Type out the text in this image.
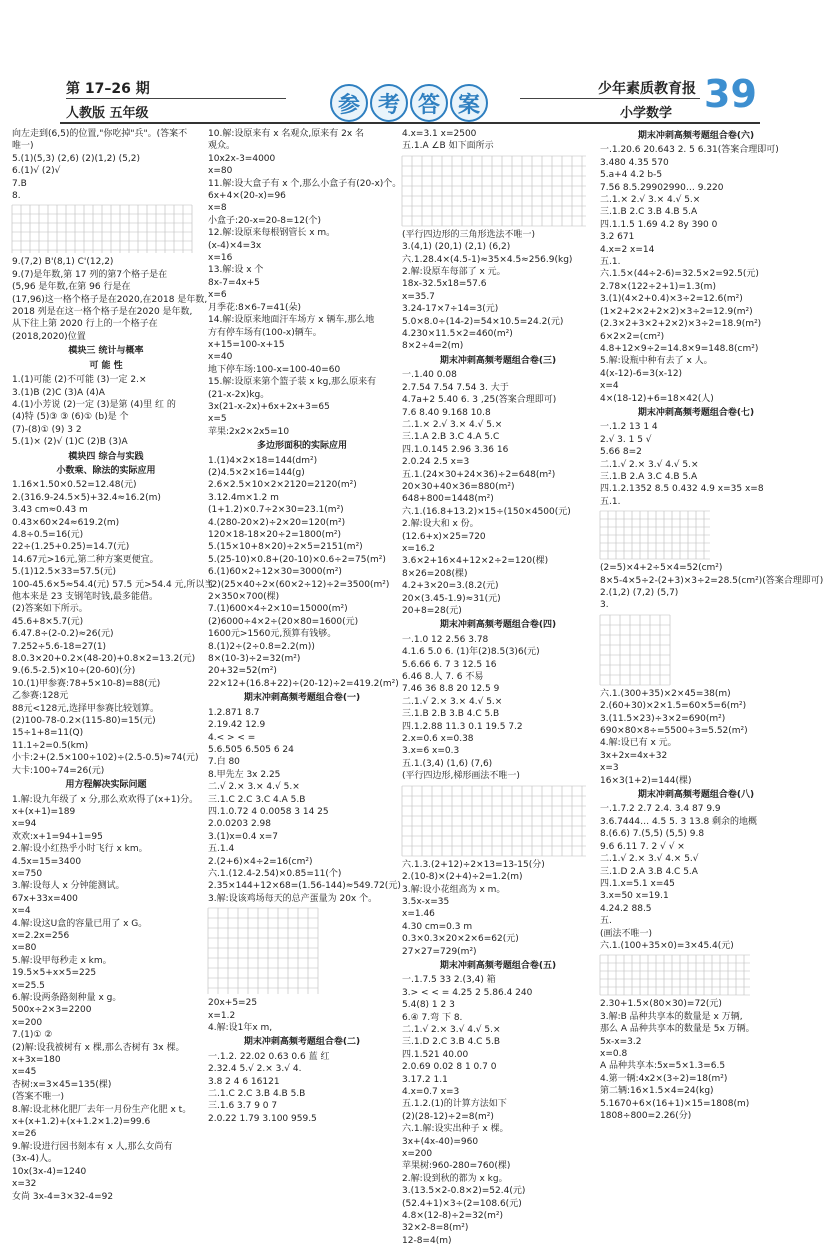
第 17–26 期
人教版 五年级	参 考 答 案
少年素质教育报
小学数学 39

向左走到(6,5)的位置,"你吃掉"兵"。(答案不

唯一)

5.(1)(5,3) (2,6) (2)(1,2) (5,2)

6.(1)√ (2)√

7.B

8.

9.(7,2) B'(8,1) C'(12,2)

9.(7)是年数,第 17 列的第7个格子是在

(5,96 是年数,在第 96 行是在

(17,96)这一格个格子是在2020,在2018 是年数,

2018 列是在这一格个格子是在2020 是年数,

从下往上第 2020 行上的一个格子在

(2018,2020)位置

模块三 统计与概率

可 能 性

1.(1)可能 (2)不可能 (3)一定 2.×

3.(1)B (2)C (3)A (4)A

4.(1)小芳说 (2)一定 (3)是第 (4)里 红 的

(4)特 (5)③ ③ (6)① (b)是 个

(7)-(8)① (9) 3 2

5.(1)× (2)√ (1)C (2)B (3)A

模块四 综合与实践

小数乘、除法的实际应用

1.16×1.50×0.52=12.48(元)

2.(316.9-24.5×5)+32.4≈16.2(m)

3.43 cm≈0.43 m

0.43×60×24≈619.2(m)

4.8÷0.5=16(元)

22÷(1.25+0.25)=14.7(元)

14.67元>16元,第二种方案更便宜。

5.(1)12.5×33=57.5(元)

100-45.6×5≈54.4(元) 57.5 元>54.4 元,所以当

他本来是 23 支钢笔时钱,最多能借。

(2)答案如下所示。

45.6+8×5.7(元)

6.47.8÷(2-0.2)≈26(元)

7.252÷5.6-18=27(1)

8.0.3×20+0.2×(48-20)+0.8×2=13.2(元)

9.(6.5-2.5)×10÷(20-60)(分)

10.(1)甲参赛:78+5×10-8)=88(元)

乙参赛:128元

88元<128元,选择甲参赛比较划算。

(2)100-78-0.2×(115-80)=15(元)

15÷1+8=11(Q)

11.1÷2=0.5(km)

小卡:2+(2.5×100÷102)÷(2.5-0.5)≈74(元)

大卡:100÷74=26(元)

用方程解决实际问题

1.解:设九年级了 x 分,那么欢欢得了(x+1)分。

x+(x+1)=189

x=94

欢欢:x+1=94+1=95

2.解:设小红热乎小时飞行 x km。

4.5x=15=3400

x=750

3.解:设每人 x 分钟能测试。

67x+33x=400

x=4

4.解:设这U盒的容量已用了 x G。

x=2.2x=256

x=80

5.解:设甲每秒走 x km。

19.5×5+x×5=225

x=25.5

6.解:设两条路刻种量 x g。

500x÷2×3=2200

x=200

7.(1)① ②

(2)解:设我被树有 x 棵,那么杏树有 3x 棵。

x+3x=180

x=45

杏树:x=3×45=135(棵)

(答案不唯一)

8.解:设北林化肥厂去年一月份生产化肥 x t。

x+(x+1.2)+(x+1.2×1.2)=99.6

x=26

9.解:设进行园书刻本有 x 人,那么女尚有

(3x-4)人。

10x(3x-4)=1240

x=32

女尚 3x-4=3×32-4=92

10.解:设原来有 x 名观众,原来有 2x 名

观众。

10x2x-3=4000

x=80

11.解:设大盒子有 x 个,那么小盒子有(20-x)个。

6x+4×(20-x)=96

x=8

小盒子:20-x=20-8=12(个)

12.解:设原来每根钢管长 x m。

(x-4)×4=3x

x=16

13.解:设 x 个

8x-7=4x+5

x=6

月季花:8×6-7=41(朵)

14.解:设原来地面汗车场方 x 辆车,那么地

方有停车场有(100-x)辆车。

x+15=100-x+15

x=40

地下停车场:100-x=100-40=60

15.解:设原来第个篮子装 x kg,那么原来有

(21-x-2x)kg。

3x(21-x-2x)+6x+2x+3=65

x=5

苹果:2x2×2x5=10

多边形面积的实际应用

1.(1)4×2×18=144(dm²)

(2)4.5×2×16=144(g)

2.6×2.5×10×2×2120=2120(m²)

3.12.4m×1.2 m

(1+1.2)×0.7÷2×30=23.1(m²)

4.(280-20×2)÷2×20=120(m²)

120×18-18×20÷2=1800(m²)

5.(15×10+8×20)÷2×5=2151(m²)

5.(25-10)×0.8+(20-10)×0.6÷2=75(m²)

6.(1)60×2÷12×30=3000(m²)

(2)(25×40÷2×(60×2÷12)÷2=3500(m²)

2×350×700(棵)

7.(1)600×4÷2×10=15000(m²)

(2)6000÷4×2÷(20×80=1600(元)

1600元>1560元,预算有钱够。

8.(1)2÷(2÷0.8=2.2(m))

8×(10-3)÷2=32(m²)

20+32=52(m²)

22×12+(16.8+22)÷(20-12)÷2=419.2(m²)

期末冲刺高频考题组合卷(一)

1.2.871 8.7

2.19.42 12.9

4.< > < =

5.6.505 6.505 6 24

7.白 80

8.甲先左 3x 2.25

二.√ 2.× 3.× 4.√ 5.×

三.1.C 2.C 3.C 4.A 5.B

四.1.0.72 4 0.0058 3 14 25

2.0.0203 2.98

3.(1)x=0.4 x=7

五.1.4

2.(2+6)×4÷2=16(cm²)

六.1.(12.4-2.54)×0.85=11(个)

2.35×144+12×68=(1.56-144)≈549.72(元)

3.解:设该鸡场每天的总产蛋量为 20x 个。

20x+5=25

x=1.2

4.解:设1年x m,

期末冲刺高频考题组合卷(二)

一.1.2. 22.02 0.63 0.6 蓝 红

2.32.4 5.√ 2.× 3.√ 4.

3.8 2 4 6 16121

二.1.C 2.C 3.B 4.B 5.B

三.1.6 3.7 9 0 7

2.0.22 1.79 3.100 959.5

4.x=3.1 x=2500

五.1.A ∠B 如下面所示

(平行四边形的三角形选法不唯一)

3.(4,1) (20,1) (2,1) (6,2)

六.1.28.4×(4.5-1)≈35×4.5≈256.9(kg)

2.解:设原车每部了 x 元。

18x-32.5x18=57.6

x=35.7

3.24-17×7÷14=3(元)

5.0×8.0÷(14-2)=54×10.5=24.2(元)

4.230×11.5×2=460(m²)

8×2÷4=2(m)

期末冲刺高频考题组合卷(三)

一.1.40 0.08

2.7.54 7.54 7.54 3. 大于

4.7a+2 5.40 6. 3 ,25(答案合理即可)

7.6 8.40 9.168 10.8

二.1.× 2.√ 3.× 4.√ 5.×

三.1.A 2.B 3.C 4.A 5.C

四.1.0.145 2.96 3.36 16

2.0.24 2.5 x=3

五.1.(24×30+24×36)÷2=648(m²)

20×30+40×36=880(m²)

648+800=1448(m²)

六.1.(16.8+13.2)×15÷(150×4500(元)

2.解:设大和 x 份。

(12.6+x)×25=720

x=16.2

3.6×2+16×4+12×2÷2=120(棵)

8×26=208(棵)

4.2+3×20=3.(8.2(元)

20×(3.45-1.9)≈31(元)

20+8=28(元)

期末冲刺高频考题组合卷(四)

一.1.0 12 2.56 3.78

4.1.6 5.0 6. (1)年(2)8.5(3)6(元)

5.6.66 6. 7 3 12.5 16

6.46 8.人 7. 6 不易

7.46 36 8.8 20 12.5 9

二.1.√ 2.× 3.× 4.√ 5.×

三.1.B 2.B 3.B 4.C 5.B

四.1.2.88 11.3 0.1 19.5 7.2

2.x=0.6 x=0.38

3.x=6 x=0.3

五.1.(3,4) (1,6) (7,6)

(平行四边形,梯形画法不唯一)

六.1.3.(2+12)÷2×13=13-15(分)

2.(10-8)×(2+4)÷2=1.2(m)

3.解:设小花组高为 x m。

3.5x-x=35

x=1.46

4.30 cm=0.3 m

0.3×0.3×20×2×6=62(元)

27×27=729(m²)

期末冲刺高频考题组合卷(五)

一.1.7.5 33 2.(3,4) 箱

3.> < < = 4.25 2 5.86.4 240

5.4(8) 1 2 3

6.④ 7.弯 下 8.

二.1.√ 2.× 3.√ 4.√ 5.×

三.1.D 2.C 3.B 4.C 5.B

四.1.521 40.00

2.0.69 0.02 8 1 0.7 0

3.17.2 1.1

4.x=0.7 x=3

五.1.2.(1)的计算方法如下

(2)(28-12)÷2=8(m²)

六.1.解:设实出种子 x 棵。

3x+(4x-40)=960

x=200

苹果树:960-280=760(棵)

2.解:设到秋的都为 x kg。

3.(13.5×2-0.8×2)=52.4(元)

(52.4+1)×3÷(2=108.6(元)

4.8×(12-8)÷2=32(m²)

32×2-8=8(m²)

12-8=4(m)

期末冲刺高频考题组合卷(六)

一.1.20.6 20.643 2. 5 6.31(答案合理即可)

3.480 4.35 570

5.a+4 4.2 b-5

7.56 8.5.29902990… 9.220

二.1.× 2.√ 3.× 4.√ 5.×

三.1.B 2.C 3.B 4.B 5.A

四.1.1.5 1.69 4.2 8y 390 0

3.2 671

4.x=2 x=14

五.1.

六.1.5×(44÷2-6)=32.5×2=92.5(元)

2.78×(122÷2+1)=1.3(m)

3.(1)(4×2+0.4)×3÷2=12.6(m²)

(1×2+2×2+2×2)×3÷2=12.9(m²)

(2.3×2+3×2+2×2)×3÷2=18.9(m²)

6×2×2=(cm²)

4.8+12×9÷2=14.8×9=148.8(cm²)

5.解:设瓶中种有去了 x 人。

4(x-12)-6=3(x-12)

x=4

4×(18-12)+6=18×42(人)

期末冲刺高频考题组合卷(七)

一.1.2 13 1 4

2.√ 3. 1 5 √

5.66 8=2

二.1.√ 2.× 3.√ 4.√ 5.×

三.1.B 2.A 3.C 4.B 5.A

四.1.2.1352 8.5 0.432 4.9 x=35 x=8

五.1.

(2=5)×4+2÷5×4=52(cm²)

8×5-4×5÷2-(2+3)×3÷2=28.5(cm²)(答案合理即可)

2.(1,2) (7,2) (5,7)

3.

六.1.(300+35)×2×45=38(m)

2.(60+30)×2×1.5=60×5=6(m²)

3.(11.5×23)÷3×2=690(m²)

690×80×8÷=5500÷3=5.52(m²)

4.解:设已有 x 元。

3x+2x=4x+32

x=3

16×3(1+2)=144(棵)

期末冲刺高频考题组合卷(八)

一.1.7.2 2.7 2.4. 3.4 87 9.9

3.6.7444… 4.5 5. 3 13.8 剩余的地概

8.(6.6) 7.(5,5) (5,5) 9.8

9.6 6.11 7. 2 √ √ ×

二.1.√ 2.× 3.√ 4.× 5.√

三.1.D 2.A 3.B 4.C 5.A

四.1.x=5.1 x=45

3.x=50 x=19.1

4.24.2 88.5

五.

(画法不唯一)

六.1.(100+35×0)=3×45.4(元)

2.30+1.5×(80×30)=72(元)

3.解:B 品种共享本的数量是 x 万辆,

那么 A 品种共享本的数量是 5x 万辆。

5x-x=3.2

x=0.8

A 品种共享本:5x=5×1.3=6.5

4.第一辆:4x2×(3÷2)=18(m²)

第二辆:16×1.5×4=24(kg)

5.1670+6×(16+1)×15=1808(m)

1808÷800=2.26(分)
